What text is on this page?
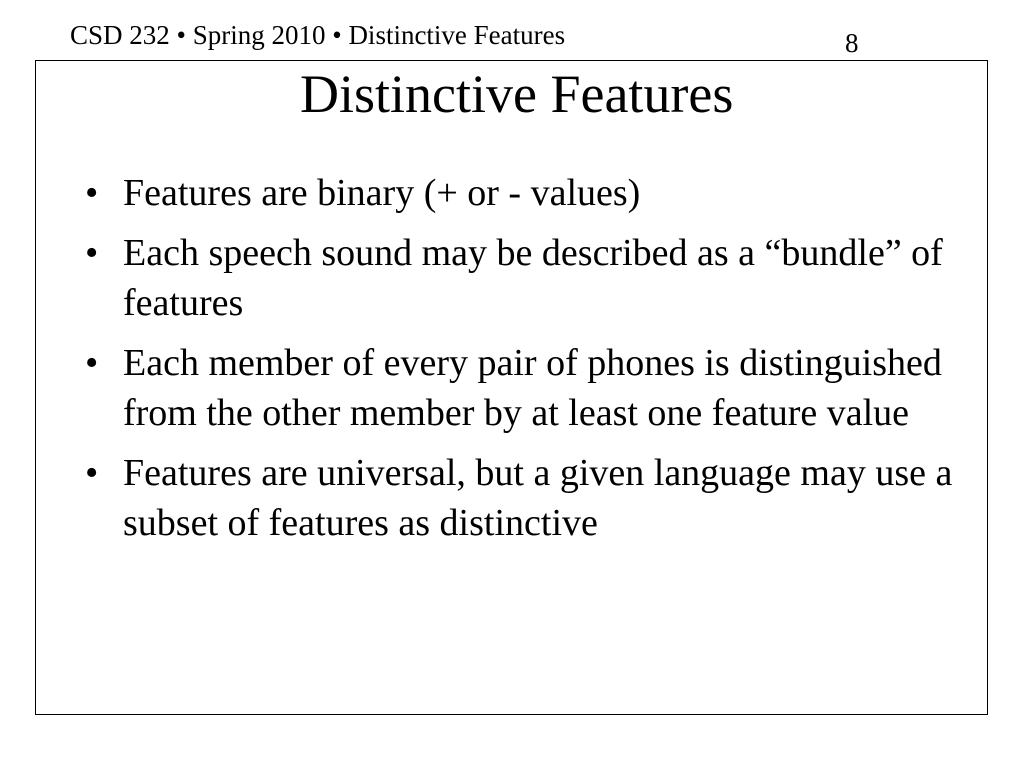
CSD 232 • Spring 2010 • Distinctive Features	8
Distinctive Features
• Features are binary (+ or - values)
• Each speech sound may be described as a “bundle” of features
• Each member of every pair of phones is distinguished from the other member by at least one feature value
• Features are universal, but a given language may use a subset of features as distinctive
